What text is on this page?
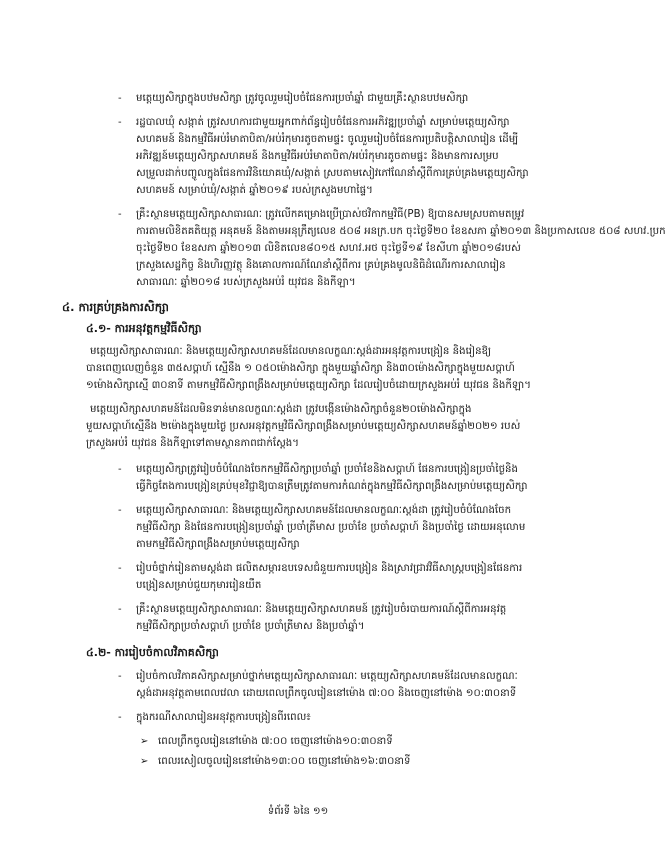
- មត្តេយ្យសិក្សាក្នុងបឋមសិក្សា ត្រូវចូលរួមរៀបចំផែនការប្រចាំឆ្នាំ ជាមួយគ្រឹះស្ថានបឋមសិក្សា
- រដ្ឋបាលឃុំ សង្កាត់ ត្រូវសហការជាមួយអ្នកពាក់ព័ន្ធរៀបចំផែនការអភិវឌ្ឍប្រចាំឆ្នាំ សម្រាប់មត្តេយ្យសិក្សា
សហគមន៍ និងកម្មវិធីអប់រំមាតាបិតា/អប់រំកុមារតូចតាមផ្ទះ ចូលរួមរៀបចំផែនការប្រតិបត្តិសាលារៀន ដើម្បី
អភិវឌ្ឍន៍មត្តេយ្យសិក្សាសហគមន៍ និងកម្មវិធីអប់រំមាតាបិតា/អប់រំកុមារតូចតាមផ្ទះ និងមានការសម្រប
សម្រួលដាក់បញ្ចូលក្នុងផែនការវិនិយោគឃុំ/សង្កាត់ ស្របតាមសៀវភៅណែនាំស្តីពីការគ្រប់គ្រងមត្តេយ្យសិក្សា
សហគមន៍ សម្រាប់ឃុំ/សង្កាត់ ឆ្នាំ២០១៩ របស់ក្រសួងមហាផ្ទៃ។
- គ្រឹះស្ថានមត្តេយ្យសិក្សាសាធារណៈ ត្រូវលើកគម្រោងប្រើប្រាស់ថវិកាកម្មវិធី(PB) ឱ្យបានសមស្របតាមតម្រូវ
ការតាមលិខិតគតិយុត្ត អនុគមន៍ និងតាមអនុក្រឹត្យលេខ ៥០៨ អនក្រ.បក ចុះថ្ងៃទី២០ ខែឧសភា ឆ្នាំ២០១៣ និងប្រកាសលេខ ៥០៨ សហវ.ប្រក
ចុះថ្ងៃទី២០ ខែឧសភា ឆ្នាំ២០១៣ លិខិតលេខ៨០១៥ សហវ.អថ ចុះថ្ងៃទី១៩ ខែសីហា ឆ្នាំ២០១៨របស់
ក្រសួងសេដ្ឋកិច្ច និងហិរញ្ញវត្ថុ និងគោលការណ៍ណែនាំស្តីពីការ គ្រប់គ្រងមូលនិធិដំណើរការសាលារៀន
សាធារណៈ ឆ្នាំ២០១៨ របស់ក្រសួងអប់រំ យុវជន និងកីឡា។
៤. ការគ្រប់គ្រងការសិក្សា
៤.១- ការអនុវត្តកម្មវិធីសិក្សា
មត្តេយ្យសិក្សាសាធារណៈ និងមត្តេយ្យសិក្សាសហគមន៍ដែលមានលក្ខណៈស្តង់ដារអនុវត្តការបង្រៀន និងរៀនឱ្យ
បានពេញលេញចំនួន ៣៥សប្តាហ៍ ស្មើនឹង ១ ០៥០ម៉ោងសិក្សា ក្នុងមួយឆ្នាំសិក្សា និង៣០ម៉ោងសិក្សាក្នុងមួយសប្តាហ៍
១ម៉ោងសិក្សាស្មើ ៣០នាទី តាមកម្មវិធីសិក្សាពង្រឹងសម្រាប់មត្តេយ្យសិក្សា ដែលរៀបចំដោយក្រសួងអប់រំ យុវជន និងកីឡា។
មត្តេយ្យសិក្សាសហគមន៍ដែលមិនទាន់មានលក្ខណៈស្តង់ដា ត្រូវបង្កើនម៉ោងសិក្សាចំនួន២០ម៉ោងសិក្សាក្នុង
មួយសប្តាហ៍ស្មើនឹង ២ម៉ោងក្នុងមួយថ្ងៃ ប្រសអនុវត្តកម្មវិធីសិក្សាពង្រឹងសម្រាប់មត្តេយ្យសិក្សាសហគមន៍ឆ្នាំ២០២១ របស់
ក្រសួងអប់រំ យុវជន និងកីឡាទៅតាមស្ថានភាពជាក់ស្តែង។
- មត្តេយ្យសិក្សាត្រូវរៀបចំបំណែងចែកកម្មវិធីសិក្សាប្រចាំឆ្នាំ ប្រចាំខែនិងសប្តាហ៍ ផែនការបង្រៀនប្រចាំថ្ងៃនិង
ធ្វើកិច្ចតែងការបង្រៀនគ្រប់មុខវិជ្ជាឱ្យបានត្រឹមត្រូវតាមការកំណត់ក្នុងកម្មវិធីសិក្សាពង្រឹងសម្រាប់មត្តេយ្យសិក្សា
- មត្តេយ្យសិក្សាសាធារណៈ និងមត្តេយ្យសិក្សាសហគមន៍ដែលមានលក្ខណៈស្តង់ដា ត្រូវរៀបចំបំណែងចែក
កម្មវិធីសិក្សា និងផែនការបង្រៀនប្រចាំឆ្នាំ ប្រចាំត្រីមាស ប្រចាំខែ ប្រចាំសប្តាហ៍ និងប្រចាំថ្ងៃ ដោយអនុលោម
តាមកម្មវិធីសិក្សាពង្រឹងសម្រាប់មត្តេយ្យសិក្សា
- រៀបចំថ្នាក់រៀនតាមស្តង់ដា ផលិតសម្ភារឧបទេសជំនួយការបង្រៀន និងស្រាវជ្រាវវិធីសាស្ត្របង្រៀនផែនការ
បង្រៀនសម្រាប់ជួយកុមាររៀនយឺត
- គ្រឹះស្ថានមត្តេយ្យសិក្សាសាធារណៈ និងមត្តេយ្យសិក្សាសហគមន៍ ត្រូវរៀបចំរបាយការណ៍ស្តីពីការអនុវត្ត
កម្មវិធីសិក្សាប្រចាំសប្តាហ៍ ប្រចាំខែ ប្រចាំត្រីមាស និងប្រចាំឆ្នាំ។
៤.២- ការរៀបចំកាលវិភាគសិក្សា
- រៀបចំកាលវិភាគសិក្សាសម្រាប់ថ្នាក់មត្តេយ្យសិក្សាសាធារណៈ មត្តេយ្យសិក្សាសហគមន៍ដែលមានលក្ខណៈ
ស្តង់ដាអនុវត្តតាមពេលវេលា ដោយពេលព្រឹកចូលរៀននៅម៉ោង ៧:០០ និងចេញនៅម៉ោង ១០:៣០នាទី
- ក្នុងករណីសាលារៀនអនុវត្តការបង្រៀនពីរពេល៖
➢ ពេលព្រឹកចូលរៀននៅម៉ោង ៧:០០ ចេញនៅម៉ោង១០:៣០នាទី
➢ ពេលរសៀលចូលរៀននៅម៉ោង១៣:០០ ចេញនៅម៉ោង១៦:៣០នាទី
ទំព័រទី ៦នៃ ១១
